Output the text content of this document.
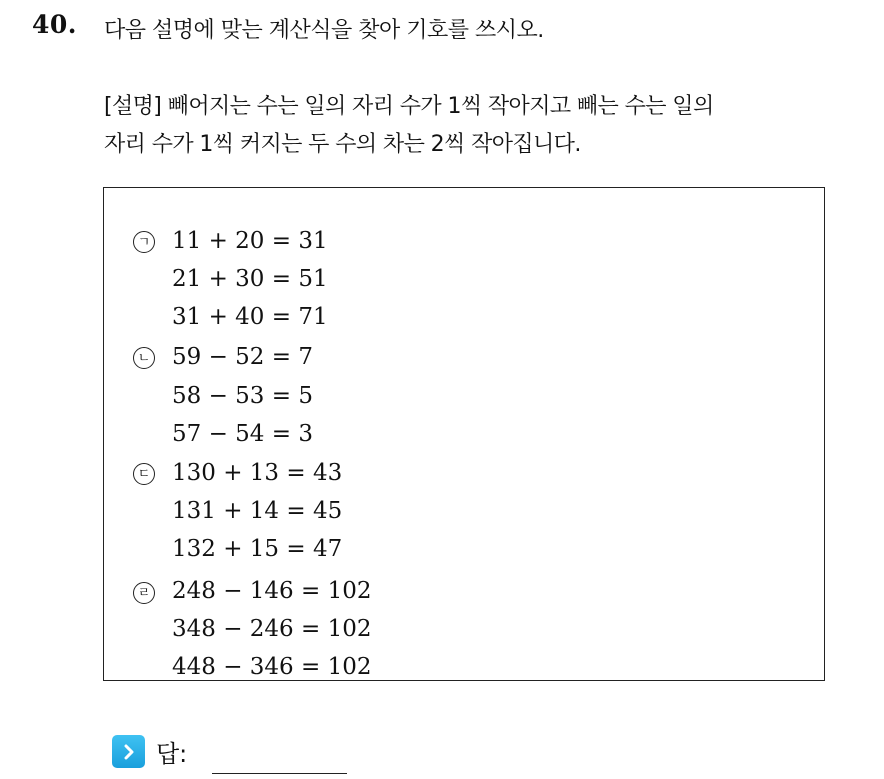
40. 다음 설명에 맞는 계산식을 찾아 기호를 쓰시오.
[설명] 빼어지는 수는 일의 자리 수가 1씩 작아지고 빼는 수는 일의
자리 수가 1씩 커지는 두 수의 차는 2씩 작아집니다.
ㄱ 11 + 20 = 31
21 + 30 = 51
31 + 40 = 71
ㄴ 59 − 52 = 7
58 − 53 = 5
57 − 54 = 3
ㄷ 130 + 13 = 43
131 + 14 = 45
132 + 15 = 47
ㄹ 248 − 146 = 102
348 − 246 = 102
448 − 346 = 102
답:
